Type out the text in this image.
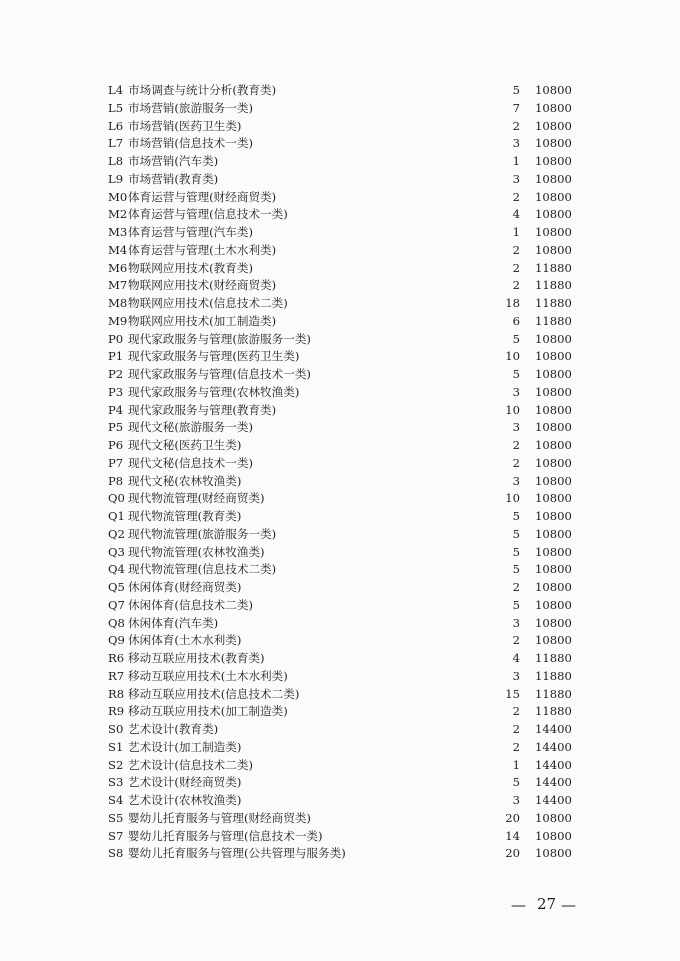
L4 市场调查与统计分析(教育类)	5 10800
L5 市场营销(旅游服务一类)	7 10800
L6 市场营销(医药卫生类)	2 10800
L7 市场营销(信息技术一类)	3 10800
L8 市场营销(汽车类)	1 10800
L9 市场营销(教育类)	3 10800
M0 体育运营与管理(财经商贸类)	2 10800
M2 体育运营与管理(信息技术一类)	4 10800
M3 体育运营与管理(汽车类)	1 10800
M4 体育运营与管理(土木水利类)	2 10800
M6 物联网应用技术(教育类)	2 11880
M7 物联网应用技术(财经商贸类)	2 11880
M8 物联网应用技术(信息技术二类)	18 11880
M9 物联网应用技术(加工制造类)	6 11880
P0 现代家政服务与管理(旅游服务一类)	5 10800
P1 现代家政服务与管理(医药卫生类)	10 10800
P2 现代家政服务与管理(信息技术一类)	5 10800
P3 现代家政服务与管理(农林牧渔类)	3 10800
P4 现代家政服务与管理(教育类)	10 10800
P5 现代文秘(旅游服务一类)	3 10800
P6 现代文秘(医药卫生类)	2 10800
P7 现代文秘(信息技术一类)	2 10800
P8 现代文秘(农林牧渔类)	3 10800
Q0 现代物流管理(财经商贸类)	10 10800
Q1 现代物流管理(教育类)	5 10800
Q2 现代物流管理(旅游服务一类)	5 10800
Q3 现代物流管理(农林牧渔类)	5 10800
Q4 现代物流管理(信息技术二类)	5 10800
Q5 休闲体育(财经商贸类)	2 10800
Q7 休闲体育(信息技术二类)	5 10800
Q8 休闲体育(汽车类)	3 10800
Q9 休闲体育(土木水利类)	2 10800
R6 移动互联应用技术(教育类)	4 11880
R7 移动互联应用技术(土木水利类)	3 11880
R8 移动互联应用技术(信息技术二类)	15 11880
R9 移动互联应用技术(加工制造类)	2 11880
S0 艺术设计(教育类)	2 14400
S1 艺术设计(加工制造类)	2 14400
S2 艺术设计(信息技术二类)	1 14400
S3 艺术设计(财经商贸类)	5 14400
S4 艺术设计(农林牧渔类)	3 14400
S5 婴幼儿托育服务与管理(财经商贸类)	20 10800
S7 婴幼儿托育服务与管理(信息技术一类)	14 10800
S8 婴幼儿托育服务与管理(公共管理与服务类)	20 10800
— 27 —
